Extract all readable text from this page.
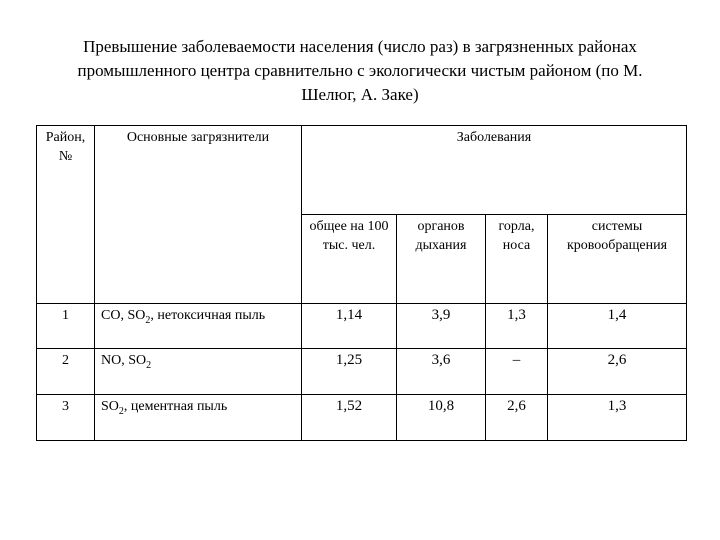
Превышение заболеваемости населения (число раз) в загрязненных районах
промышленного центра сравнительно с экологически чистым районом (по М.
Шелюг, А. Заке)
Район, №	Основные загрязнители	Заболевания			
		общее на 100 тыс. чел.	органов дыхания	горла, носа	системы кровообращения
1	CO, $SO_2$, нетоксичная пыль	1,14	3,9	1,3	1,4
2	NO, $SO_2$	1,25	3,6	–	2,6
3	$SO_2$, цементная пыль	1,52	10,8	2,6	1,3
